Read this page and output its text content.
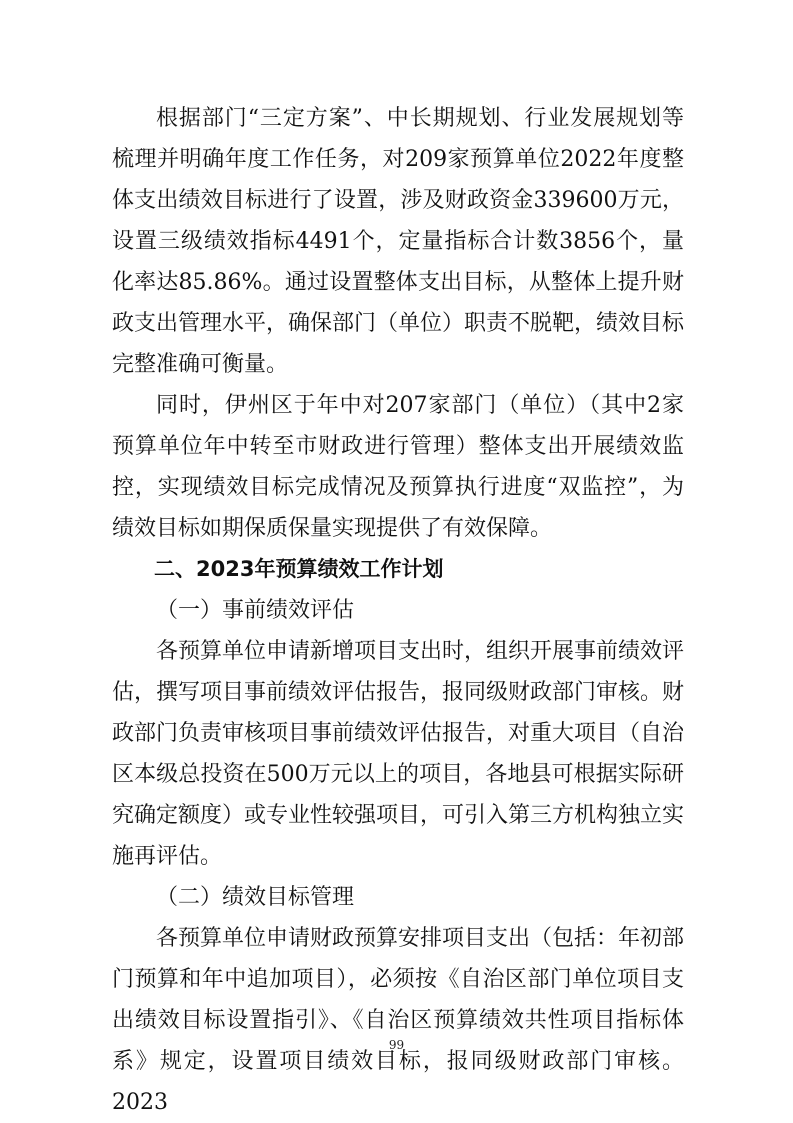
根据部门“三定方案”、中长期规划、行业发展规划等梳理并明确年度工作任务，对209家预算单位2022年度整体支出绩效目标进行了设置，涉及财政资金339600万元，设置三级绩效指标4491个，定量指标合计数3856个，量化率达85.86%。通过设置整体支出目标，从整体上提升财政支出管理水平，确保部门（单位）职责不脱靶，绩效目标完整准确可衡量。

同时，伊州区于年中对207家部门（单位）（其中2家预算单位年中转至市财政进行管理）整体支出开展绩效监控，实现绩效目标完成情况及预算执行进度“双监控”，为绩效目标如期保质保量实现提供了有效保障。

二、2023年预算绩效工作计划

（一）事前绩效评估

各预算单位申请新增项目支出时，组织开展事前绩效评估，撰写项目事前绩效评估报告，报同级财政部门审核。财政部门负责审核项目事前绩效评估报告，对重大项目（自治区本级总投资在500万元以上的项目，各地县可根据实际研究确定额度）或专业性较强项目，可引入第三方机构独立实施再评估。

（二）绩效目标管理

各预算单位申请财政预算安排项目支出（包括：年初部门预算和年中追加项目），必须按《自治区部门单位项目支出绩效目标设置指引》、《自治区预算绩效共性项目指标体系》规定，设置项目绩效目标，报同级财政部门审核。2023

99
